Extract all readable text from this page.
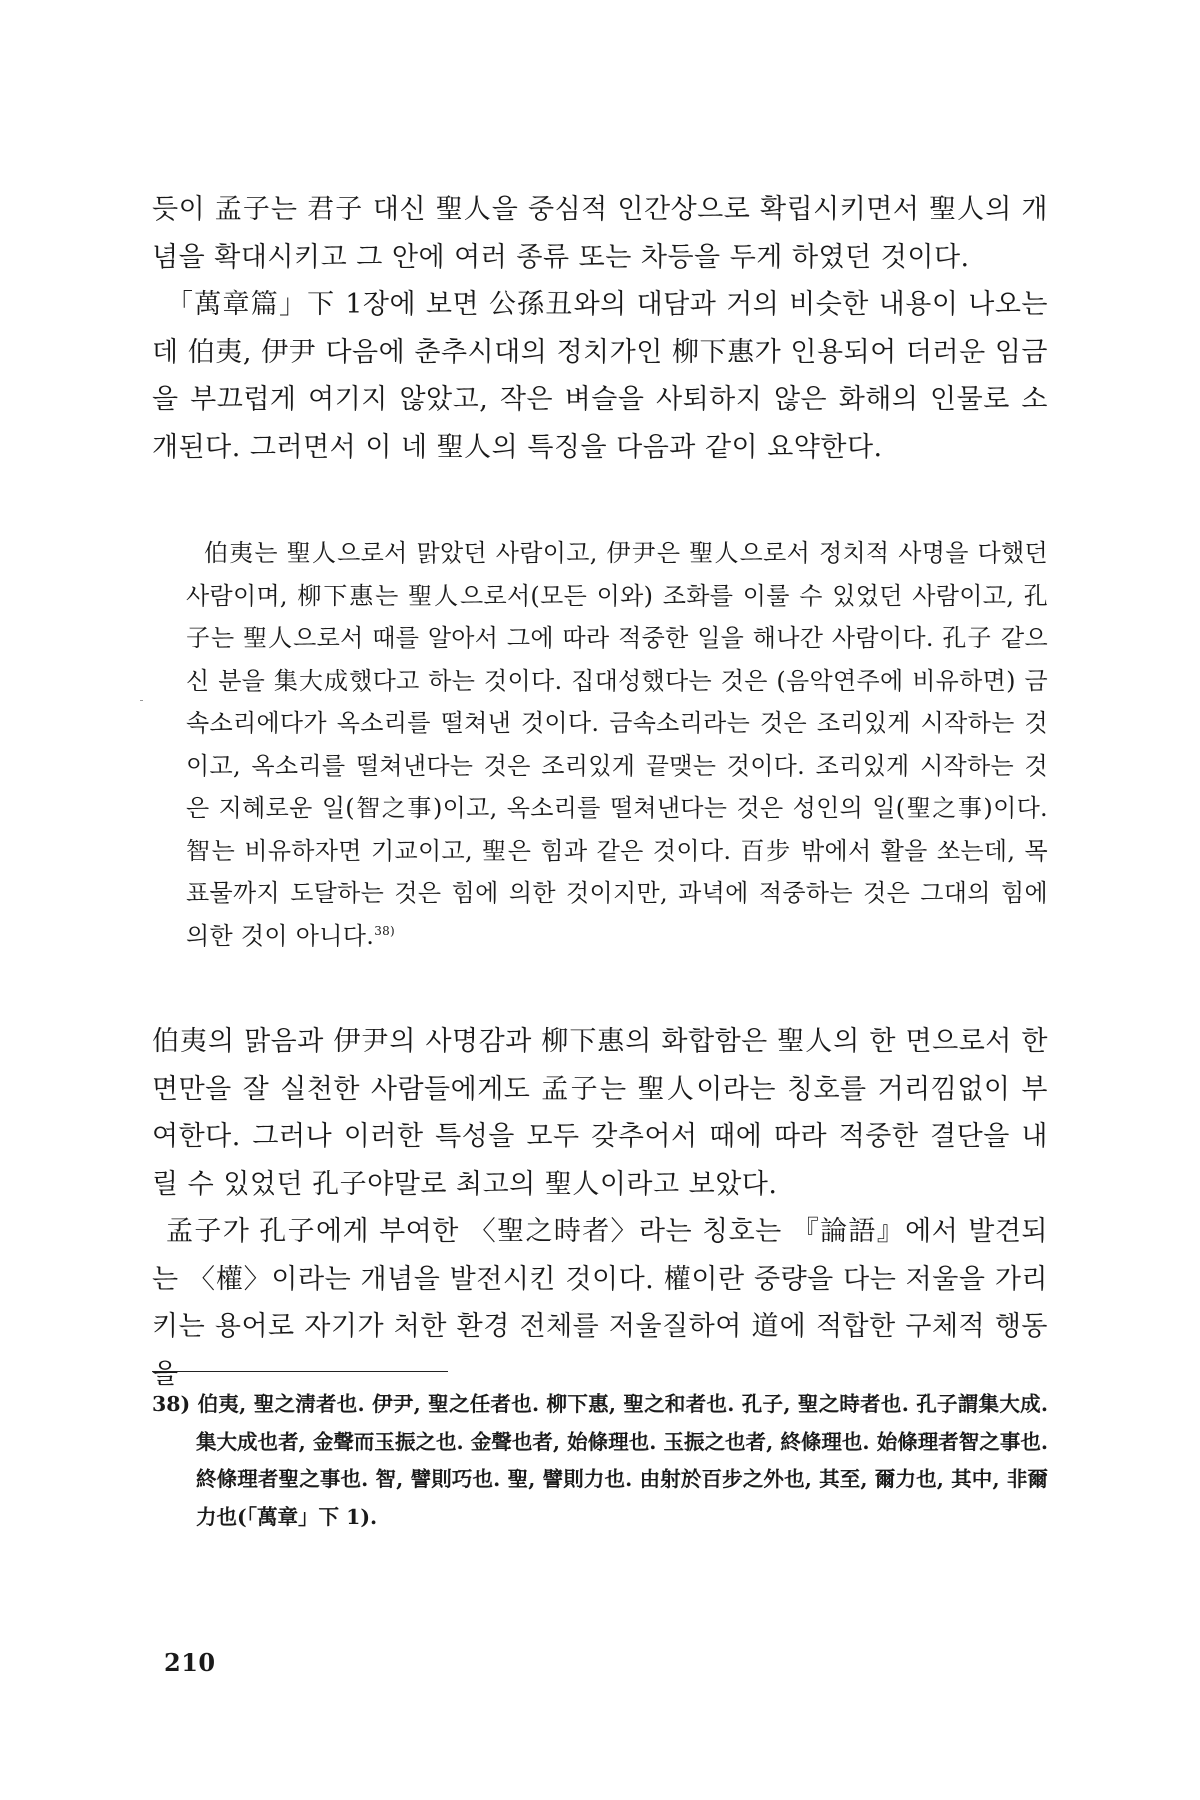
듯이 孟子는 君子 대신 聖人을 중심적 인간상으로 확립시키면서 聖人의 개념을 확대시키고 그 안에 여러 종류 또는 차등을 두게 하였던 것이다.

「萬章篇」下 1장에 보면 公孫丑와의 대담과 거의 비슷한 내용이 나오는데 伯夷, 伊尹 다음에 춘추시대의 정치가인 柳下惠가 인용되어 더러운 임금을 부끄럽게 여기지 않았고, 작은 벼슬을 사퇴하지 않은 화해의 인물로 소개된다. 그러면서 이 네 聖人의 특징을 다음과 같이 요약한다.

伯夷는 聖人으로서 맑았던 사람이고, 伊尹은 聖人으로서 정치적 사명을 다했던 사람이며, 柳下惠는 聖人으로서(모든 이와) 조화를 이룰 수 있었던 사람이고, 孔子는 聖人으로서 때를 알아서 그에 따라 적중한 일을 해나간 사람이다. 孔子 같으신 분을 集大成했다고 하는 것이다. 집대성했다는 것은 (음악연주에 비유하면) 금속소리에다가 옥소리를 떨쳐낸 것이다. 금속소리라는 것은 조리있게 시작하는 것이고, 옥소리를 떨쳐낸다는 것은 조리있게 끝맺는 것이다. 조리있게 시작하는 것은 지혜로운 일(智之事)이고, 옥소리를 떨쳐낸다는 것은 성인의 일(聖之事)이다. 智는 비유하자면 기교이고, 聖은 힘과 같은 것이다. 百步 밖에서 활을 쏘는데, 목표물까지 도달하는 것은 힘에 의한 것이지만, 과녁에 적중하는 것은 그대의 힘에 의한 것이 아니다.$^{38)}$

伯夷의 맑음과 伊尹의 사명감과 柳下惠의 화합함은 聖人의 한 면으로서 한 면만을 잘 실천한 사람들에게도 孟子는 聖人이라는 칭호를 거리낌없이 부여한다. 그러나 이러한 특성을 모두 갖추어서 때에 따라 적중한 결단을 내릴 수 있었던 孔子야말로 최고의 聖人이라고 보았다.

孟子가 孔子에게 부여한 〈聖之時者〉라는 칭호는 『論語』에서 발견되는 〈權〉이라는 개념을 발전시킨 것이다. 權이란 중량을 다는 저울을 가리키는 용어로 자기가 처한 환경 전체를 저울질하여 道에 적합한 구체적 행동을

38) 伯夷, 聖之淸者也. 伊尹, 聖之任者也. 柳下惠, 聖之和者也. 孔子, 聖之時者也. 孔子謂集大成. 集大成也者, 金聲而玉振之也. 金聲也者, 始條理也. 玉振之也者, 終條理也. 始條理者智之事也. 終條理者聖之事也. 智, 譬則巧也. 聖, 譬則力也. 由射於百步之外也, 其至, 爾力也, 其中, 非爾力也(「萬章」下 1).
210
